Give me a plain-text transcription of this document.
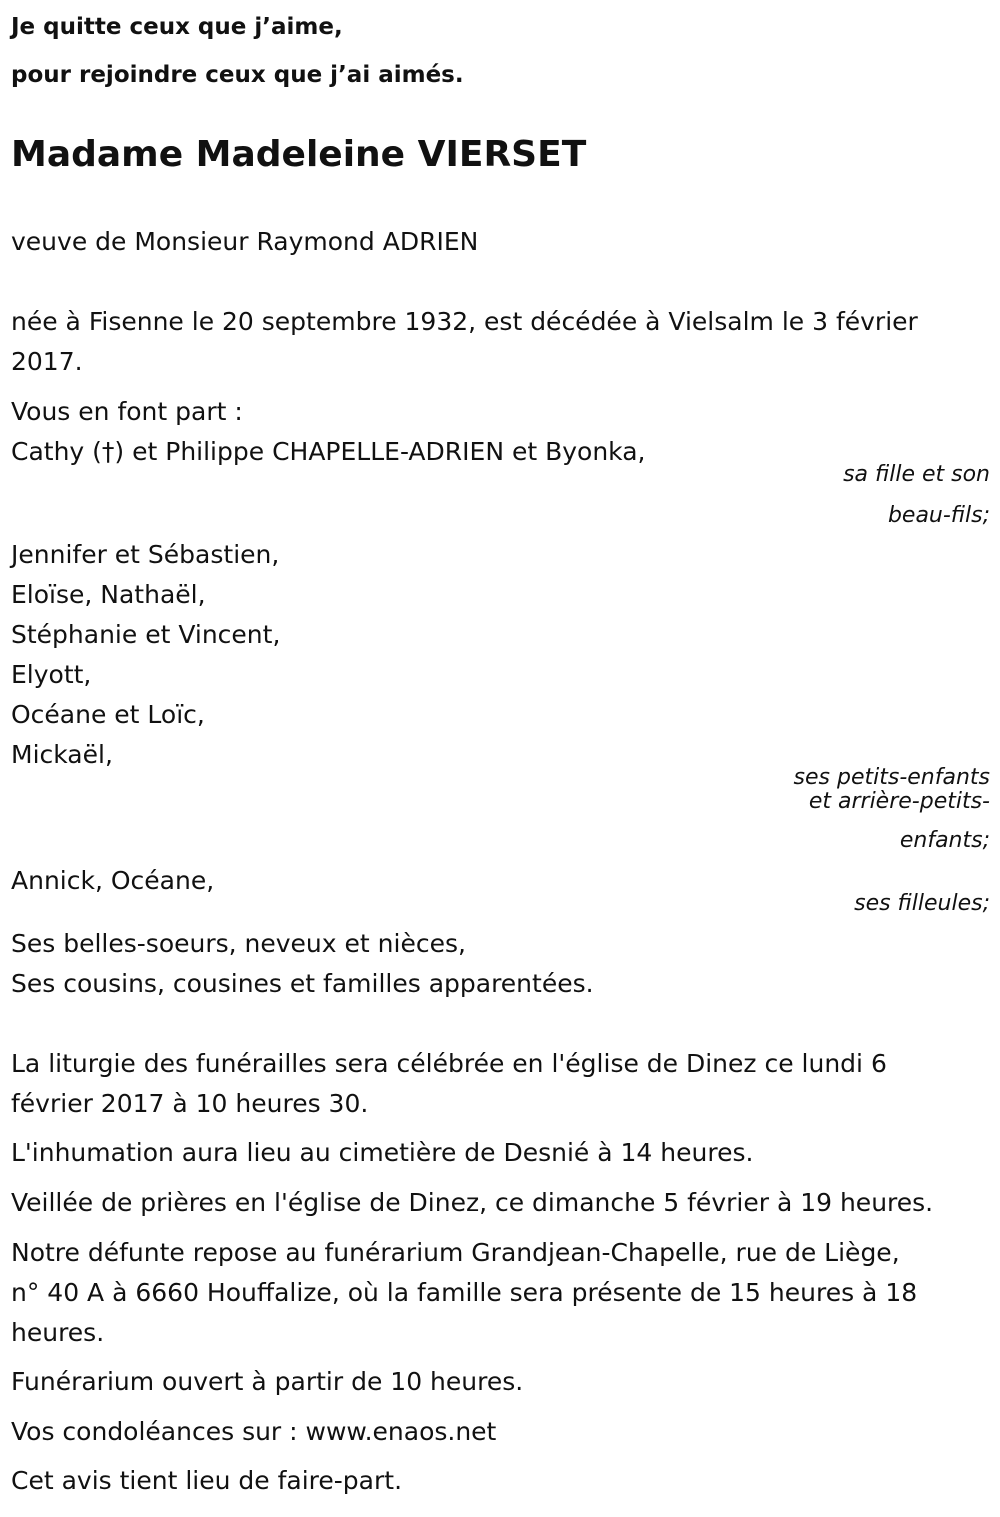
Je quitte ceux que j’aime,

pour rejoindre ceux que j’ai aimés.

Madame Madeleine VIERSET

veuve de Monsieur Raymond ADRIEN

née à Fisenne le 20 septembre 1932, est décédée à Vielsalm le 3 février

2017.

Vous en font part :

Cathy (†) et Philippe CHAPELLE-ADRIEN et Byonka,

sa fille et son

beau-fils;

Jennifer et Sébastien,

Eloïse, Nathaël,

Stéphanie et Vincent,

Elyott,

Océane et Loïc,

Mickaël,

ses petits-enfants

et arrière-petits-

enfants;

Annick, Océane,

ses filleules;

Ses belles-soeurs, neveux et nièces,

Ses cousins, cousines et familles apparentées.

La liturgie des funérailles sera célébrée en l'église de Dinez ce lundi 6

février 2017 à 10 heures 30.

L'inhumation aura lieu au cimetière de Desnié à 14 heures.

Veillée de prières en l'église de Dinez, ce dimanche 5 février à 19 heures.

Notre défunte repose au funérarium Grandjean-Chapelle, rue de Liège,

n° 40 A à 6660 Houffalize, où la famille sera présente de 15 heures à 18

heures.

Funérarium ouvert à partir de 10 heures.

Vos condoléances sur : www.enaos.net

Cet avis tient lieu de faire-part.
